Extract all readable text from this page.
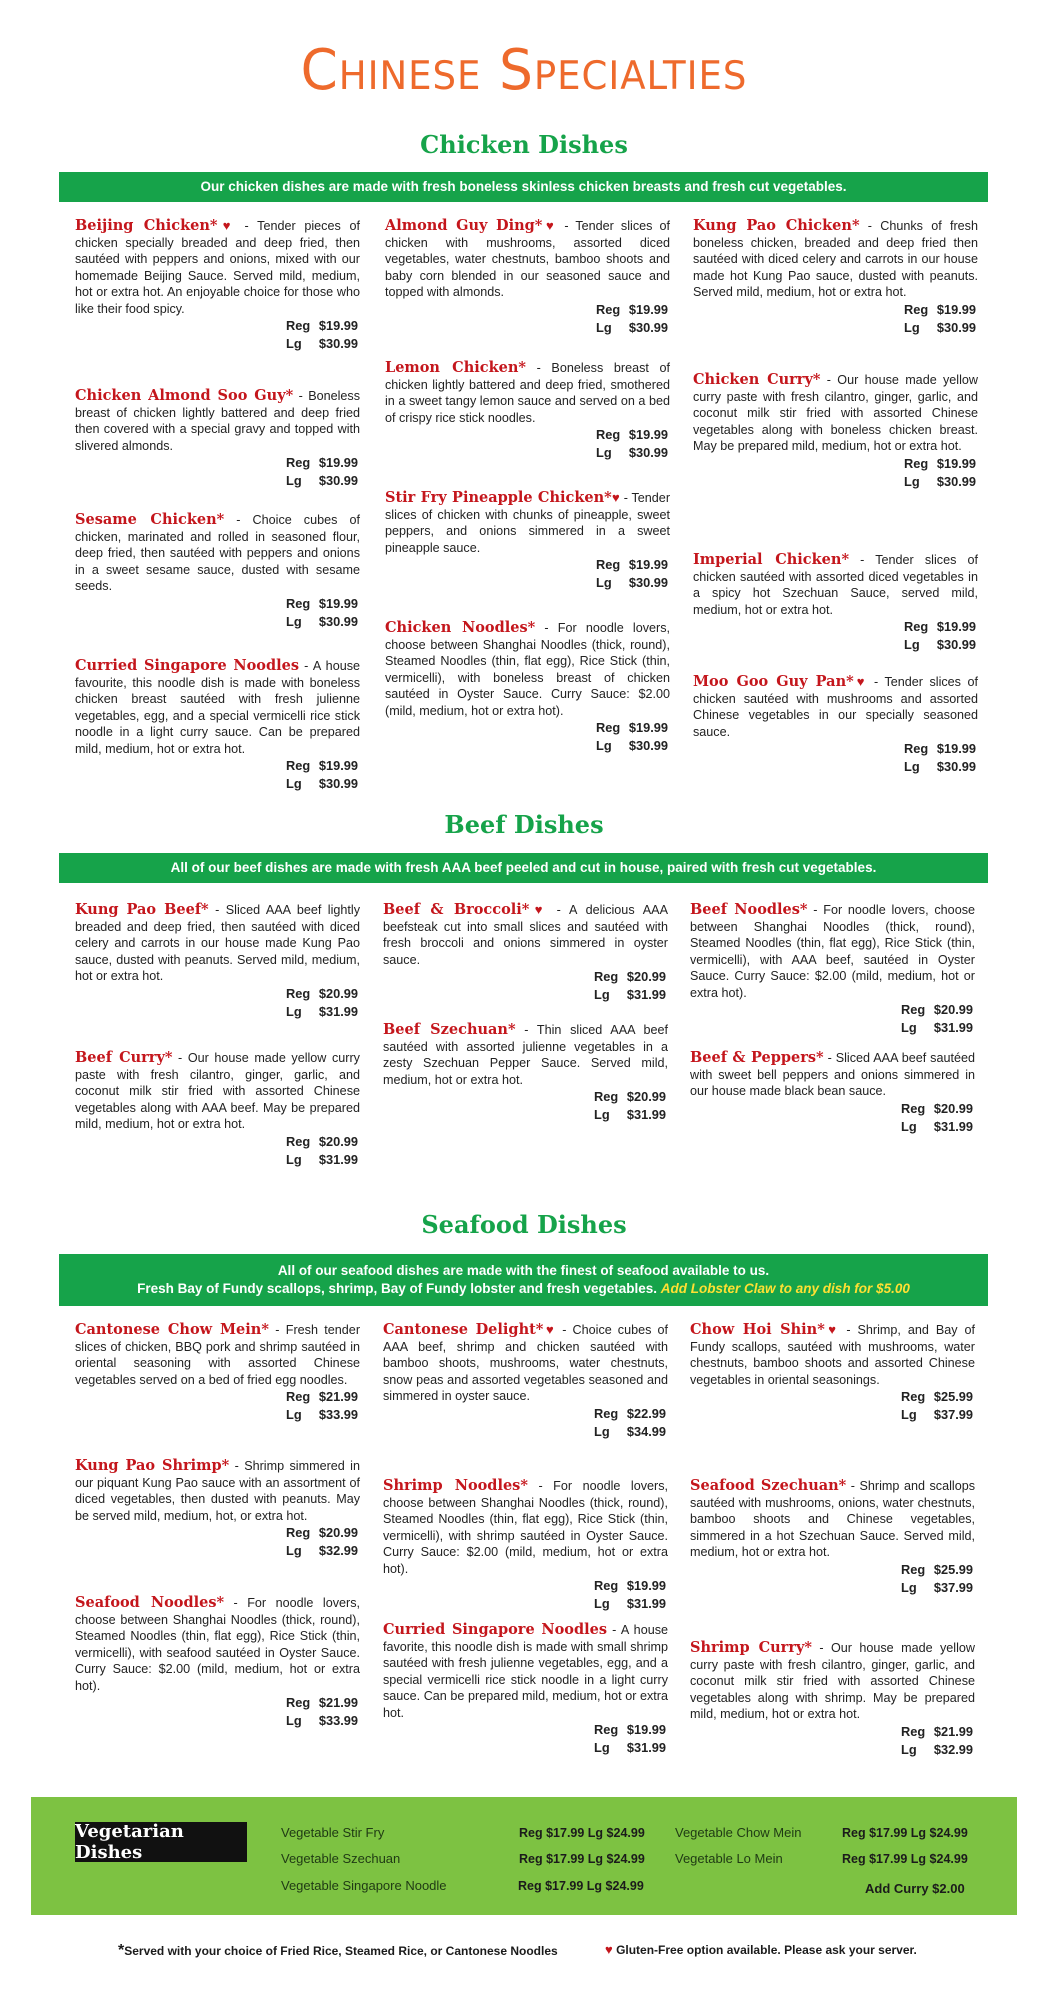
Chinese Specialties
Chicken Dishes
Our chicken dishes are made with fresh boneless skinless chicken breasts and fresh cut vegetables.
Beijing Chicken*♥ - Tender pieces of chicken specially breaded and deep fried, then sautéed with peppers and onions, mixed with our homemade Beijing Sauce. Served mild, medium, hot or extra hot. An enjoyable choice for those who like their food spicy.
Reg $19.99
Lg $30.99
Chicken Almond Soo Guy* - Boneless breast of chicken lightly battered and deep fried then covered with a special gravy and topped with slivered almonds.
Reg $19.99
Lg $30.99
Sesame Chicken* - Choice cubes of chicken, marinated and rolled in seasoned flour, deep fried, then sautéed with peppers and onions in a sweet sesame sauce, dusted with sesame seeds.
Reg $19.99
Lg $30.99
Curried Singapore Noodles - A house favourite, this noodle dish is made with boneless chicken breast sautéed with fresh julienne vegetables, egg, and a special vermicelli rice stick noodle in a light curry sauce. Can be prepared mild, medium, hot or extra hot.
Reg $19.99
Lg $30.99
Almond Guy Ding*♥ - Tender slices of chicken with mushrooms, assorted diced vegetables, water chestnuts, bamboo shoots and baby corn blended in our seasoned sauce and topped with almonds.
Reg $19.99
Lg $30.99
Lemon Chicken* - Boneless breast of chicken lightly battered and deep fried, smothered in a sweet tangy lemon sauce and served on a bed of crispy rice stick noodles.
Reg $19.99
Lg $30.99
Stir Fry Pineapple Chicken*♥ - Tender slices of chicken with chunks of pineapple, sweet peppers, and onions simmered in a sweet pineapple sauce.
Reg $19.99
Lg $30.99
Chicken Noodles* - For noodle lovers, choose between Shanghai Noodles (thick, round), Steamed Noodles (thin, flat egg), Rice Stick (thin, vermicelli), with boneless breast of chicken sautéed in Oyster Sauce. Curry Sauce: $2.00 (mild, medium, hot or extra hot).
Reg $19.99
Lg $30.99
Kung Pao Chicken* - Chunks of fresh boneless chicken, breaded and deep fried then sautéed with diced celery and carrots in our house made hot Kung Pao sauce, dusted with peanuts. Served mild, medium, hot or extra hot.
Reg $19.99
Lg $30.99
Chicken Curry* - Our house made yellow curry paste with fresh cilantro, ginger, garlic, and coconut milk stir fried with assorted Chinese vegetables along with boneless chicken breast. May be prepared mild, medium, hot or extra hot.
Reg $19.99
Lg $30.99
Imperial Chicken* - Tender slices of chicken sautéed with assorted diced vegetables in a spicy hot Szechuan Sauce, served mild, medium, hot or extra hot.
Reg $19.99
Lg $30.99
Moo Goo Guy Pan*♥ - Tender slices of chicken sautéed with mushrooms and assorted Chinese vegetables in our specially seasoned sauce.
Reg $19.99
Lg $30.99
Beef Dishes
All of our beef dishes are made with fresh AAA beef peeled and cut in house, paired with fresh cut vegetables.
Kung Pao Beef* - Sliced AAA beef lightly breaded and deep fried, then sautéed with diced celery and carrots in our house made Kung Pao sauce, dusted with peanuts. Served mild, medium, hot or extra hot.
Reg $20.99
Lg $31.99
Beef Curry* - Our house made yellow curry paste with fresh cilantro, ginger, garlic, and coconut milk stir fried with assorted Chinese vegetables along with AAA beef. May be prepared mild, medium, hot or extra hot.
Reg $20.99
Lg $31.99
Beef & Broccoli*♥ - A delicious AAA beefsteak cut into small slices and sautéed with fresh broccoli and onions simmered in oyster sauce.
Reg $20.99
Lg $31.99
Beef Szechuan* - Thin sliced AAA beef sautéed with assorted julienne vegetables in a zesty Szechuan Pepper Sauce. Served mild, medium, hot or extra hot.
Reg $20.99
Lg $31.99
Beef Noodles* - For noodle lovers, choose between Shanghai Noodles (thick, round), Steamed Noodles (thin, flat egg), Rice Stick (thin, vermicelli), with AAA beef, sautéed in Oyster Sauce. Curry Sauce: $2.00 (mild, medium, hot or extra hot).
Reg $20.99
Lg $31.99
Beef & Peppers* - Sliced AAA beef sautéed with sweet bell peppers and onions simmered in our house made black bean sauce.
Reg $20.99
Lg $31.99
Seafood Dishes
All of our seafood dishes are made with the finest of seafood available to us.
Fresh Bay of Fundy scallops, shrimp, Bay of Fundy lobster and fresh vegetables. Add Lobster Claw to any dish for $5.00
Cantonese Chow Mein* - Fresh tender slices of chicken, BBQ pork and shrimp sautéed in oriental seasoning with assorted Chinese vegetables served on a bed of fried egg noodles.
Reg $21.99
Lg $33.99
Kung Pao Shrimp* - Shrimp simmered in our piquant Kung Pao sauce with an assortment of diced vegetables, then dusted with peanuts. May be served mild, medium, hot, or extra hot.
Reg $20.99
Lg $32.99
Seafood Noodles* - For noodle lovers, choose between Shanghai Noodles (thick, round), Steamed Noodles (thin, flat egg), Rice Stick (thin, vermicelli), with seafood sautéed in Oyster Sauce. Curry Sauce: $2.00 (mild, medium, hot or extra hot).
Reg $21.99
Lg $33.99
Cantonese Delight*♥ - Choice cubes of AAA beef, shrimp and chicken sautéed with bamboo shoots, mushrooms, water chestnuts, snow peas and assorted vegetables seasoned and simmered in oyster sauce.
Reg $22.99
Lg $34.99
Shrimp Noodles* - For noodle lovers, choose between Shanghai Noodles (thick, round), Steamed Noodles (thin, flat egg), Rice Stick (thin, vermicelli), with shrimp sautéed in Oyster Sauce. Curry Sauce: $2.00 (mild, medium, hot or extra hot).
Reg $19.99
Lg $31.99
Curried Singapore Noodles - A house favorite, this noodle dish is made with small shrimp sautéed with fresh julienne vegetables, egg, and a special vermicelli rice stick noodle in a light curry sauce. Can be prepared mild, medium, hot or extra hot.
Reg $19.99
Lg $31.99
Chow Hoi Shin*♥ - Shrimp, and Bay of Fundy scallops, sautéed with mushrooms, water chestnuts, bamboo shoots and assorted Chinese vegetables in oriental seasonings.
Reg $25.99
Lg $37.99
Seafood Szechuan* - Shrimp and scallops sautéed with mushrooms, onions, water chestnuts, bamboo shoots and Chinese vegetables, simmered in a hot Szechuan Sauce. Served mild, medium, hot or extra hot.
Reg $25.99
Lg $37.99
Shrimp Curry* - Our house made yellow curry paste with fresh cilantro, ginger, garlic, and coconut milk stir fried with assorted Chinese vegetables along with shrimp. May be prepared mild, medium, hot or extra hot.
Reg $21.99
Lg $32.99
Vegetarian Dishes
Vegetable Stir Fry	Reg $17.99 Lg $24.99
Vegetable Szechuan	Reg $17.99 Lg $24.99
Vegetable Singapore Noodle	Reg $17.99 Lg $24.99
Vegetable Chow Mein	Reg $17.99 Lg $24.99
Vegetable Lo Mein	Reg $17.99 Lg $24.99
Add Curry $2.00
*Served with your choice of Fried Rice, Steamed Rice, or Cantonese Noodles	♥ Gluten-Free option available. Please ask your server.
